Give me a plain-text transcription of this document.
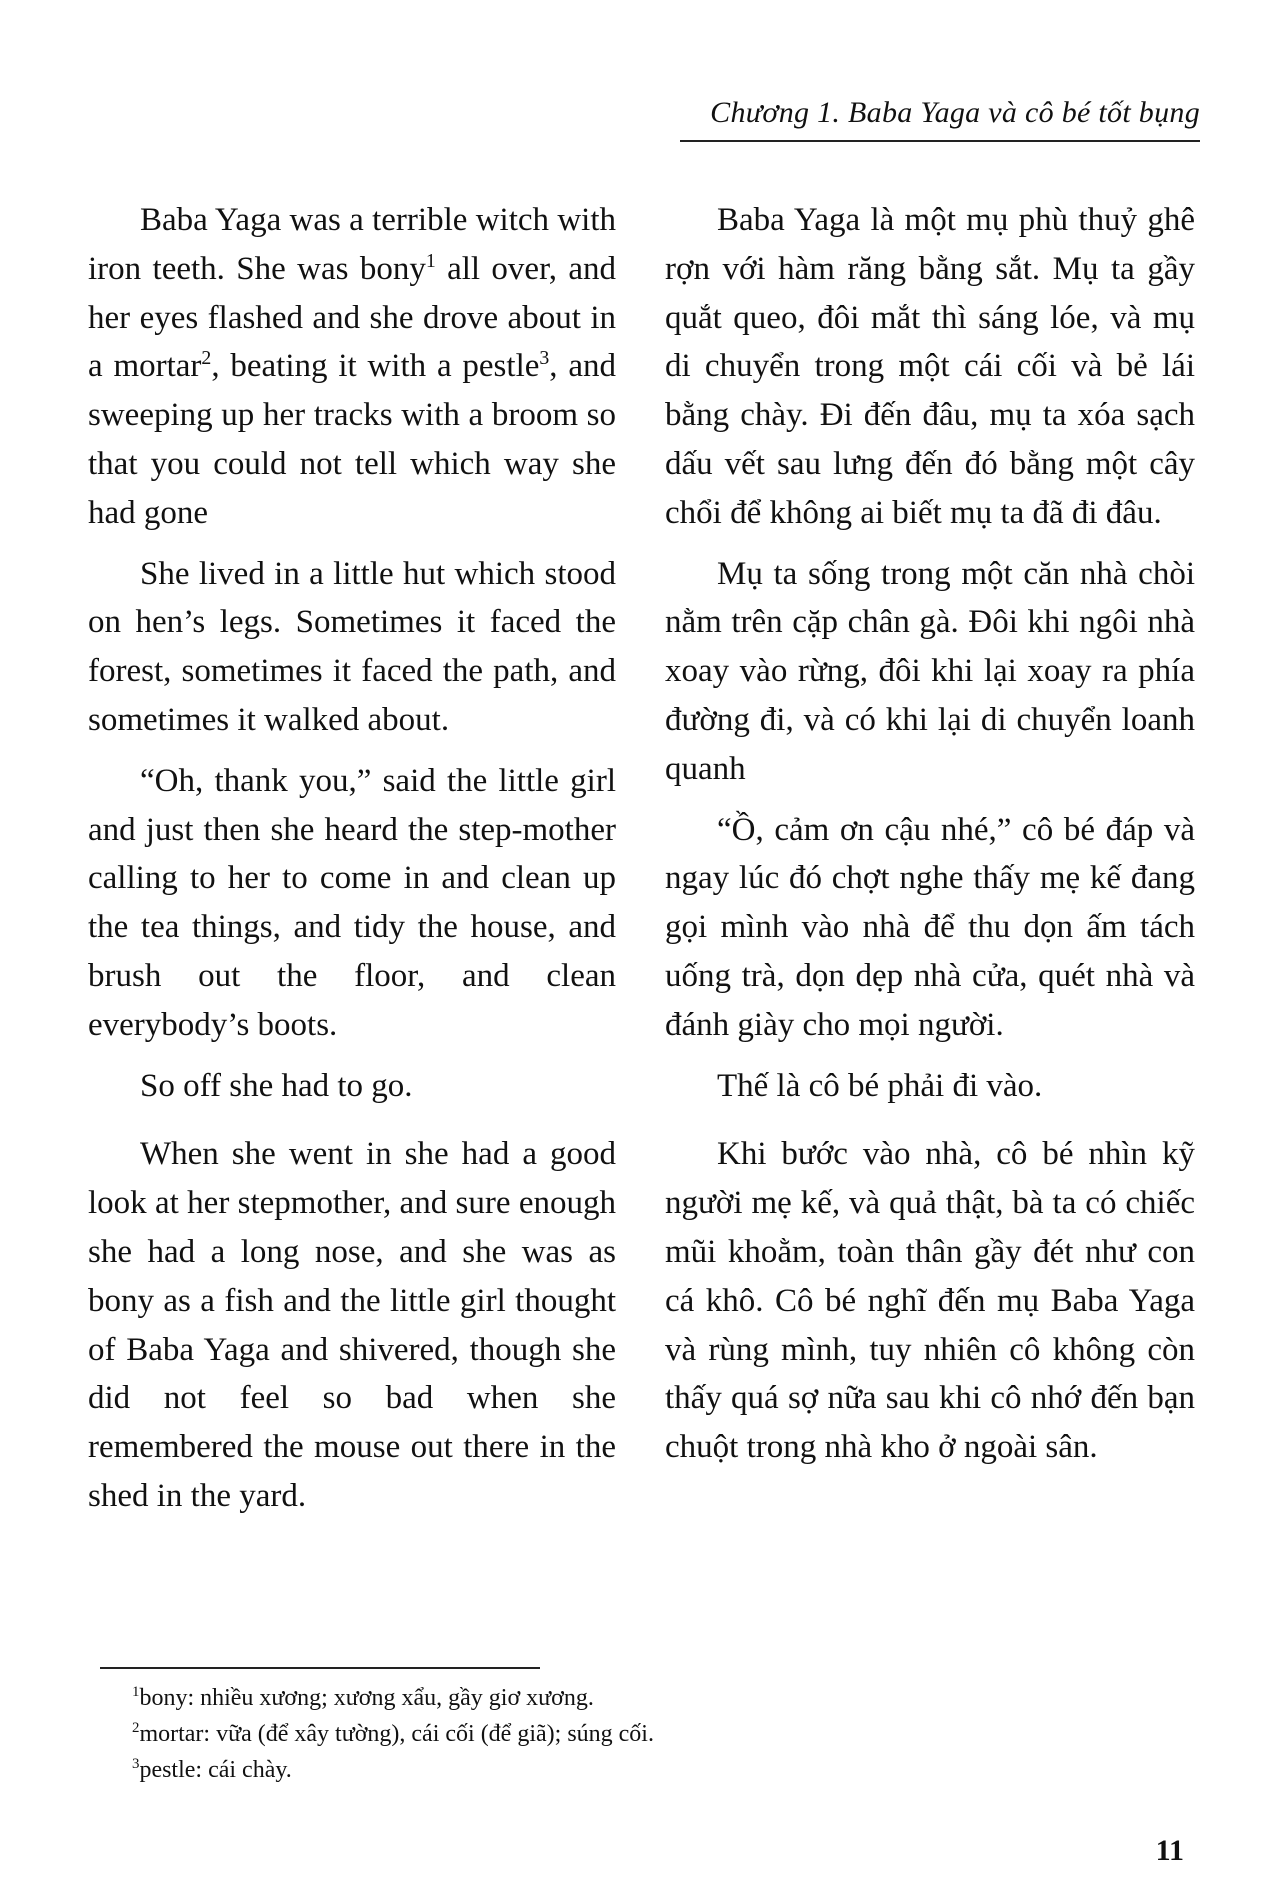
Chương 1. Baba Yaga và cô bé tốt bụng

Baba Yaga was a terrible witch with iron teeth. She was bony$^1$ all over, and her eyes flashed and she drove about in a mortar$^2$, beating it with a pestle$^3$, and sweeping up her tracks with a broom so that you could not tell which way she had gone

She lived in a little hut which stood on hen’s legs. Sometimes it faced the forest, sometimes it faced the path, and sometimes it walked about.

“Oh, thank you,” said the little girl and just then she heard the step-mother calling to her to come in and clean up the tea things, and tidy the house, and brush out the floor, and clean everybody’s boots.

So off she had to go.

When she went in she had a good look at her stepmother, and sure enough she had a long nose, and she was as bony as a fish and the little girl thought of Baba Yaga and shivered, though she did not feel so bad when she remembered the mouse out there in the shed in the yard.

Baba Yaga là một mụ phù thuỷ ghê rợn với hàm răng bằng sắt. Mụ ta gầy quắt queo, đôi mắt thì sáng lóe, và mụ di chuyển trong một cái cối và bẻ lái bằng chày. Đi đến đâu, mụ ta xóa sạch dấu vết sau lưng đến đó bằng một cây chổi để không ai biết mụ ta đã đi đâu.

Mụ ta sống trong một căn nhà chòi nằm trên cặp chân gà. Đôi khi ngôi nhà xoay vào rừng, đôi khi lại xoay ra phía đường đi, và có khi lại di chuyển loanh quanh

“Ồ, cảm ơn cậu nhé,” cô bé đáp và ngay lúc đó chợt nghe thấy mẹ kế đang gọi mình vào nhà để thu dọn ấm tách uống trà, dọn dẹp nhà cửa, quét nhà và đánh giày cho mọi người.

Thế là cô bé phải đi vào.

Khi bước vào nhà, cô bé nhìn kỹ người mẹ kế, và quả thật, bà ta có chiếc mũi khoằm, toàn thân gầy đét như con cá khô. Cô bé nghĩ đến mụ Baba Yaga và rùng mình, tuy nhiên cô không còn thấy quá sợ nữa sau khi cô nhớ đến bạn chuột trong nhà kho ở ngoài sân.

$^1$bony: nhiều xương; xương xẩu, gầy giơ xương.

$^2$mortar: vữa (để xây tường), cái cối (để giã); súng cối.

$^3$pestle: cái chày.

11
